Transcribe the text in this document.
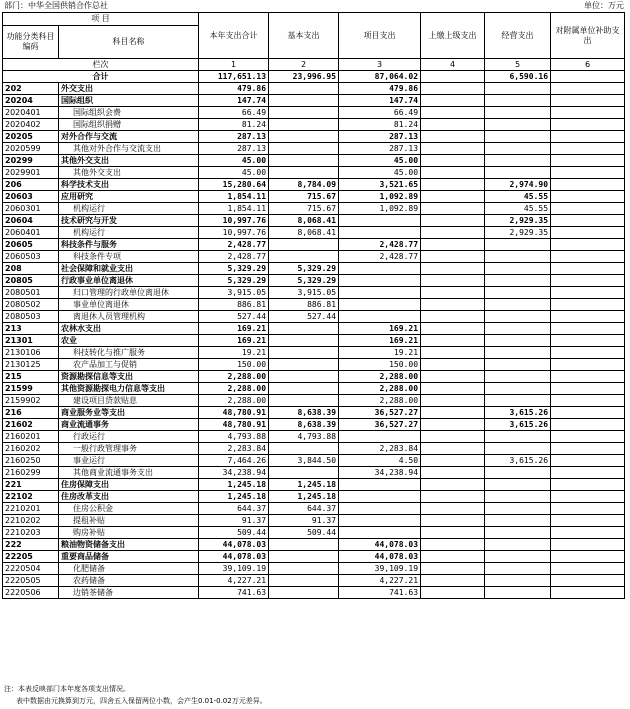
部门：中华全国供销合作总社	单位：万元
项 目		本年支出合计	基本支出	项目支出	上缴上级支出	经营支出	对附属单位补助支出
功能分类科目编码	科目名称						
栏次		1	2	3	4	5	6
合计		117,651.13	23,996.95	87,064.02		6,590.16	
202	外交支出	479.86		479.86			
20204	国际组织	147.74		147.74			
2020401	国际组织会费	66.49		66.49			
2020402	国际组织捐赠	81.24		81.24			
20205	对外合作与交流	287.13		287.13			
2020599	其他对外合作与交流支出	287.13		287.13			
20299	其他外交支出	45.00		45.00			
2029901	其他外交支出	45.00		45.00			
206	科学技术支出	15,280.64	8,784.09	3,521.65		2,974.90	
20603	应用研究	1,854.11	715.67	1,092.89		45.55	
2060301	机构运行	1,854.11	715.67	1,092.89		45.55	
20604	技术研究与开发	10,997.76	8,068.41			2,929.35	
2060401	机构运行	10,997.76	8,068.41			2,929.35	
20605	科技条件与服务	2,428.77		2,428.77			
2060503	科技条件专项	2,428.77		2,428.77			
208	社会保障和就业支出	5,329.29	5,329.29				
20805	行政事业单位离退休	5,329.29	5,329.29				
2080501	归口管理的行政单位离退休	3,915.05	3,915.05				
2080502	事业单位离退休	886.81	886.81				
2080503	离退休人员管理机构	527.44	527.44				
213	农林水支出	169.21		169.21			
21301	农业	169.21		169.21			
2130106	科技转化与推广服务	19.21		19.21			
2130125	农产品加工与促销	150.00		150.00			
215	资源勘探信息等支出	2,288.00		2,288.00			
21599	其他资源勘探电力信息等支出	2,288.00		2,288.00			
2159902	建设项目贷款贴息	2,288.00		2,288.00			
216	商业服务业等支出	48,780.91	8,638.39	36,527.27		3,615.26	
21602	商业流通事务	48,780.91	8,638.39	36,527.27		3,615.26	
2160201	行政运行	4,793.88	4,793.88				
2160202	一般行政管理事务	2,283.84		2,283.84			
2160250	事业运行	7,464.26	3,844.50	4.50		3,615.26	
2160299	其他商业流通事务支出	34,238.94		34,238.94			
221	住房保障支出	1,245.18	1,245.18				
22102	住房改革支出	1,245.18	1,245.18				
2210201	住房公积金	644.37	644.37				
2210202	提租补贴	91.37	91.37				
2210203	购房补贴	509.44	509.44				
222	粮油物资储备支出	44,078.03		44,078.03			
22205	重要商品储备	44,078.03		44,078.03			
2220504	化肥储备	39,109.19		39,109.19			
2220505	农药储备	4,227.21		4,227.21			
2220506	边销茶储备	741.63		741.63			
注：本表反映部门本年度各项支出情况。
表中数据由元换算到万元，四舍五入保留两位小数，会产生0.01-0.02万元差异。
